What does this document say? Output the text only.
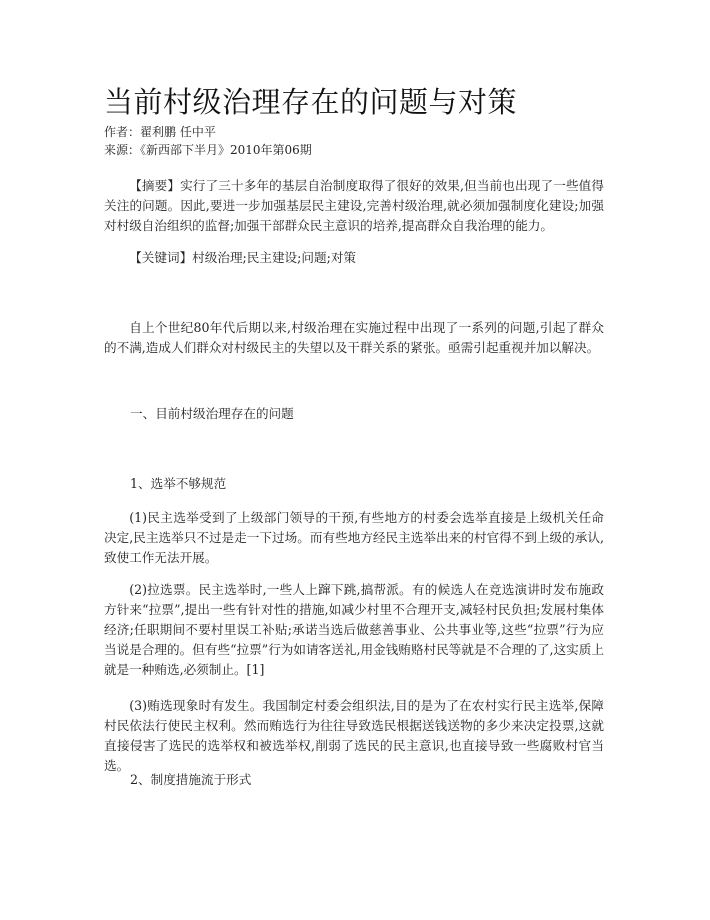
当前村级治理存在的问题与对策

作者：翟利鹏 任中平

来源：《新西部下半月》2010年第06期

【摘要】实行了三十多年的基层自治制度取得了很好的效果,但当前也出现了一些值得关注的问题。因此,要进一步加强基层民主建设,完善村级治理,就必须加强制度化建设;加强对村级自治组织的监督;加强干部群众民主意识的培养,提高群众自我治理的能力。

【关键词】村级治理;民主建设;问题;对策

自上个世纪80年代后期以来,村级治理在实施过程中出现了一系列的问题,引起了群众的不满,造成人们群众对村级民主的失望以及干群关系的紧张。亟需引起重视并加以解决。

一、目前村级治理存在的问题

1、选举不够规范

(1)民主选举受到了上级部门领导的干预,有些地方的村委会选举直接是上级机关任命决定,民主选举只不过是走一下过场。而有些地方经民主选举出来的村官得不到上级的承认,致使工作无法开展。

(2)拉选票。民主选举时,一些人上蹿下跳,搞帮派。有的候选人在竞选演讲时发布施政方针来“拉票”,提出一些有针对性的措施,如减少村里不合理开支,减轻村民负担;发展村集体经济;任职期间不要村里误工补贴;承诺当选后做慈善事业、公共事业等,这些“拉票”行为应当说是合理的。但有些“拉票”行为如请客送礼,用金钱贿赂村民等就是不合理的了,这实质上就是一种贿选,必须制止。[1]

(3)贿选现象时有发生。我国制定村委会组织法,目的是为了在农村实行民主选举,保障村民依法行使民主权利。然而贿选行为往往导致选民根据送钱送物的多少来决定投票,这就直接侵害了选民的选举权和被选举权,削弱了选民的民主意识,也直接导致一些腐败村官当选。

2、制度措施流于形式
